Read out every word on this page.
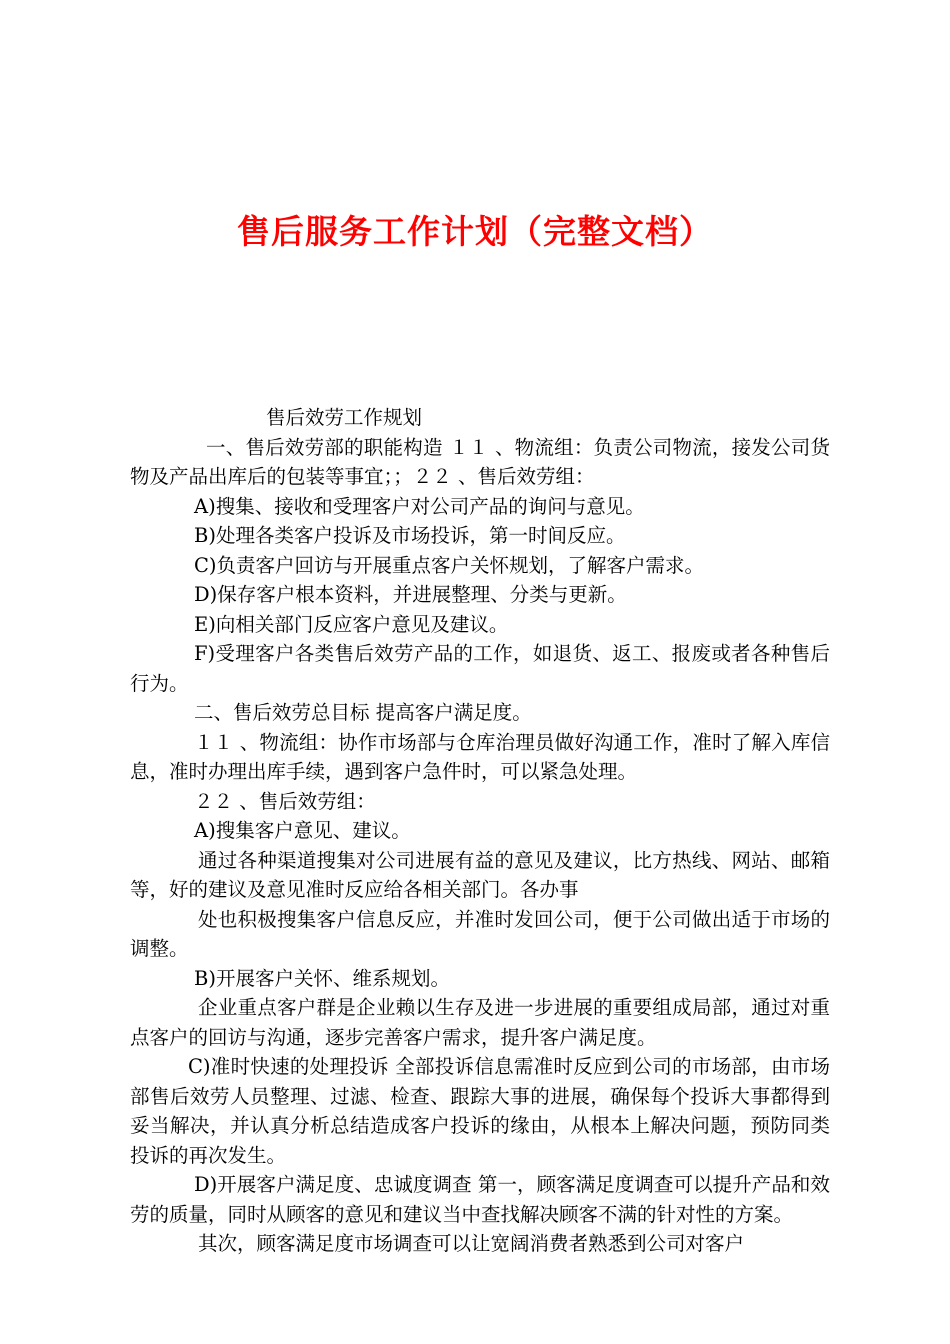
售后服务工作计划（完整文档）

售后效劳工作规划

一、售后效劳部的职能构造 １１ 、物流组：负责公司物流，接发公司货物及产品出库后的包装等事宜；；２２ 、售后效劳组：

A)搜集、接收和受理客户对公司产品的询问与意见。

B)处理各类客户投诉及市场投诉，第一时间反应。

C)负责客户回访与开展重点客户关怀规划，了解客户需求。

D)保存客户根本资料，并进展整理、分类与更新。

E)向相关部门反应客户意见及建议。

F)受理客户各类售后效劳产品的工作，如退货、返工、报废或者各种售后行为。

二、售后效劳总目标 提高客户满足度。

１１ 、物流组：协作市场部与仓库治理员做好沟通工作，准时了解入库信息，准时办理出库手续，遇到客户急件时，可以紧急处理。

２２ 、售后效劳组：

A)搜集客户意见、建议。

通过各种渠道搜集对公司进展有益的意见及建议，比方热线、网站、邮箱等，好的建议及意见准时反应给各相关部门。各办事

处也积极搜集客户信息反应，并准时发回公司，便于公司做出适于市场的调整。

B)开展客户关怀、维系规划。

企业重点客户群是企业赖以生存及进一步进展的重要组成局部，通过对重点客户的回访与沟通，逐步完善客户需求，提升客户满足度。

C)准时快速的处理投诉 全部投诉信息需准时反应到公司的市场部，由市场部售后效劳人员整理、过滤、检查、跟踪大事的进展，确保每个投诉大事都得到妥当解决，并认真分析总结造成客户投诉的缘由，从根本上解决问题，预防同类投诉的再次发生。

D)开展客户满足度、忠诚度调查 第一，顾客满足度调查可以提升产品和效劳的质量，同时从顾客的意见和建议当中查找解决顾客不满的针对性的方案。

其次，顾客满足度市场调查可以让宽阔消费者熟悉到公司对客户
